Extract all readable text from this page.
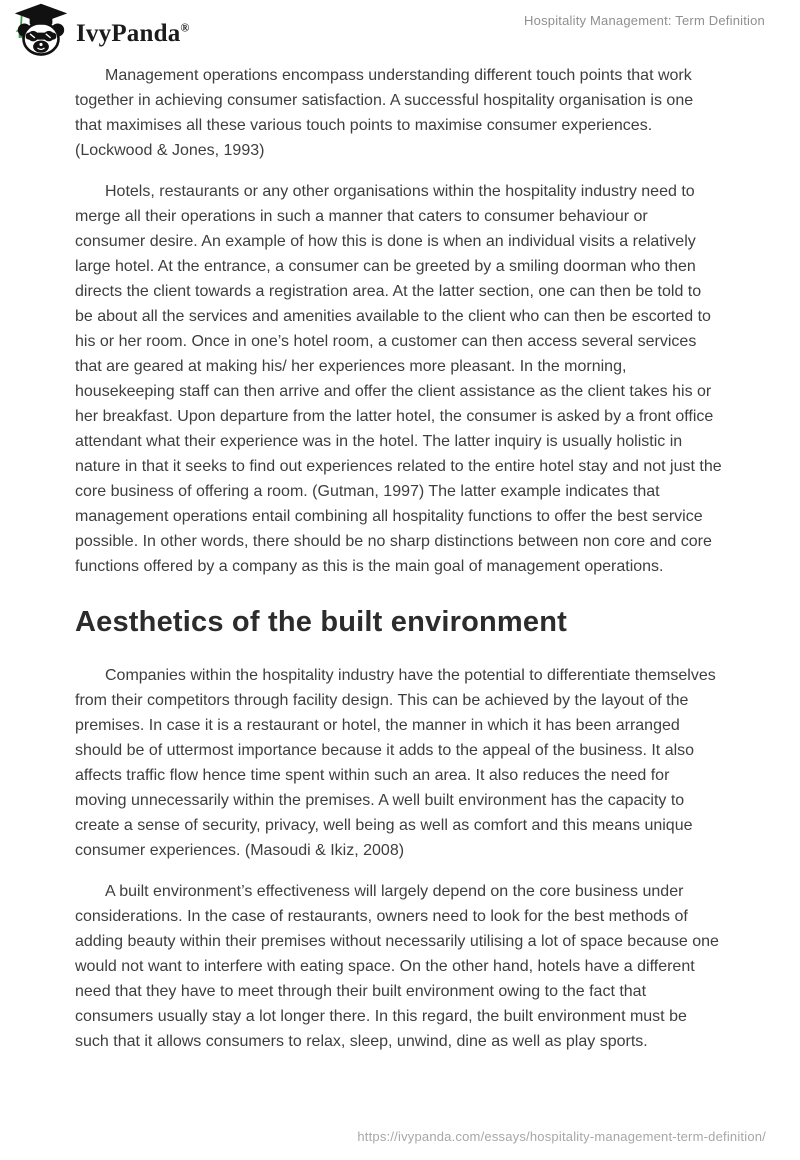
IvyPanda®	Hospitality Management: Term Definition

Management operations encompass understanding different touch points that work together in achieving consumer satisfaction. A successful hospitality organisation is one that maximises all these various touch points to maximise consumer experiences. (Lockwood & Jones, 1993)

Hotels, restaurants or any other organisations within the hospitality industry need to merge all their operations in such a manner that caters to consumer behaviour or consumer desire. An example of how this is done is when an individual visits a relatively large hotel. At the entrance, a consumer can be greeted by a smiling doorman who then directs the client towards a registration area. At the latter section, one can then be told to be about all the services and amenities available to the client who can then be escorted to his or her room. Once in one’s hotel room, a customer can then access several services that are geared at making his/ her experiences more pleasant. In the morning, housekeeping staff can then arrive and offer the client assistance as the client takes his or her breakfast. Upon departure from the latter hotel, the consumer is asked by a front office attendant what their experience was in the hotel. The latter inquiry is usually holistic in nature in that it seeks to find out experiences related to the entire hotel stay and not just the core business of offering a room. (Gutman, 1997) The latter example indicates that management operations entail combining all hospitality functions to offer the best service possible. In other words, there should be no sharp distinctions between non core and core functions offered by a company as this is the main goal of management operations.

Aesthetics of the built environment

Companies within the hospitality industry have the potential to differentiate themselves from their competitors through facility design. This can be achieved by the layout of the premises. In case it is a restaurant or hotel, the manner in which it has been arranged should be of uttermost importance because it adds to the appeal of the business. It also affects traffic flow hence time spent within such an area. It also reduces the need for moving unnecessarily within the premises. A well built environment has the capacity to create a sense of security, privacy, well being as well as comfort and this means unique consumer experiences. (Masoudi & Ikiz, 2008)

A built environment’s effectiveness will largely depend on the core business under considerations. In the case of restaurants, owners need to look for the best methods of adding beauty within their premises without necessarily utilising a lot of space because one would not want to interfere with eating space. On the other hand, hotels have a different need that they have to meet through their built environment owing to the fact that consumers usually stay a lot longer there. In this regard, the built environment must be such that it allows consumers to relax, sleep, unwind, dine as well as play sports.

https://ivypanda.com/essays/hospitality-management-term-definition/
